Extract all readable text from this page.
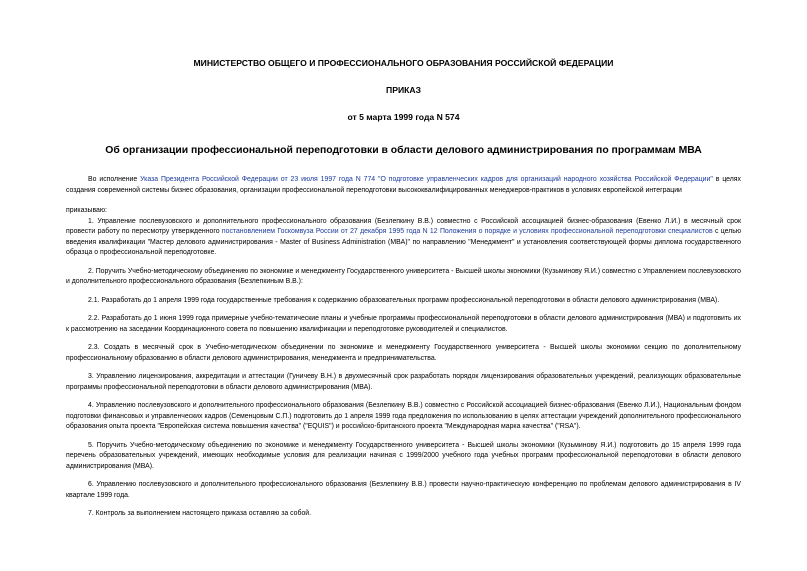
МИНИСТЕРСТВО ОБЩЕГО И ПРОФЕССИОНАЛЬНОГО ОБРАЗОВАНИЯ РОССИЙСКОЙ ФЕДЕРАЦИИ
ПРИКАЗ
от 5 марта 1999 года N 574
Об организации профессиональной переподготовки в области делового администрирования по программам МВА

Во исполнение Указа Президента Российской Федерации от 23 июля 1997 года N 774 "О подготовке управленческих кадров для организаций народного хозяйства Российской Федерации" в целях создания современной системы бизнес образования, организации профессиональной переподготовки высококвалифицированных менеджеров-практиков в условиях европейской интеграции

приказываю:

1. Управление послевузовского и дополнительного профессионального образования (Безлепкину В.В.) совместно с Российской ассоциацией бизнес-образования (Евенко Л.И.) в месячный срок провести работу по пересмотру утвержденного постановлением Госкомвуза России от 27 декабря 1995 года N 12 Положения о порядке и условиях профессиональной переподготовки специалистов с целью введения квалификации "Мастер делового администрирования - Master of Business Administration (MBA)" по направлению "Менеджмент" и установления соответствующей формы диплома государственного образца о профессиональной переподготовке.

2. Поручить Учебно-методическому объединению по экономике и менеджменту Государственного университета - Высшей школы экономики (Кузьминову Я.И.) совместно с Управлением послевузовского и дополнительного профессионального образования (Безлепкиным В.В.):

2.1. Разработать до 1 апреля 1999 года государственные требования к содержанию образовательных программ профессиональной переподготовки в области делового администрирования (МВА).

2.2. Разработать до 1 июня 1999 года примерные учебно-тематические планы и учебные программы профессиональной переподготовки в области делового администрирования (МВА) и подготовить их к рассмотрению на заседании Координационного совета по повышению квалификации и переподготовке руководителей и специалистов.

2.3. Создать в месячный срок в Учебно-методическом объединении по экономике и менеджменту Государственного университета - Высшей школы экономики секцию по дополнительному профессиональному образованию в области делового администрирования, менеджмента и предпринимательства.

3. Управлению лицензирования, аккредитации и аттестации (Гуничеву В.Н.) в двухмесячный срок разработать порядок лицензирования образовательных учреждений, реализующих образовательные программы профессиональной переподготовки в области делового администрирования (МВА).

4. Управлению послевузовского и дополнительного профессионального образования (Безлепкину В.В.) совместно с Российской ассоциацией бизнес-образования (Евенко Л.И.), Национальным фондом подготовки финансовых и управленческих кадров (Семенцовым С.П.) подготовить до 1 апреля 1999 года предложения по использованию в целях аттестации учреждений дополнительного профессионального образования опыта проекта "Европейская система повышения качества" ("EQUIS") и российско-британского проекта "Международная марка качества" ("RSA").

5. Поручить Учебно-методическому объединению по экономике и менеджменту Государственного университета - Высшей школы экономики (Кузьминову Я.И.) подготовить до 15 апреля 1999 года перечень образовательных учреждений, имеющих необходимые условия для реализации начиная с 1999/2000 учебного года учебных программ профессиональной переподготовки в области делового администрирования (МВА).

6. Управлению послевузовского и дополнительного профессионального образования (Безлепкину В.В.) провести научно-практическую конференцию по проблемам делового администрирования в IV квартале 1999 года.

7. Контроль за выполнением настоящего приказа оставляю за собой.
